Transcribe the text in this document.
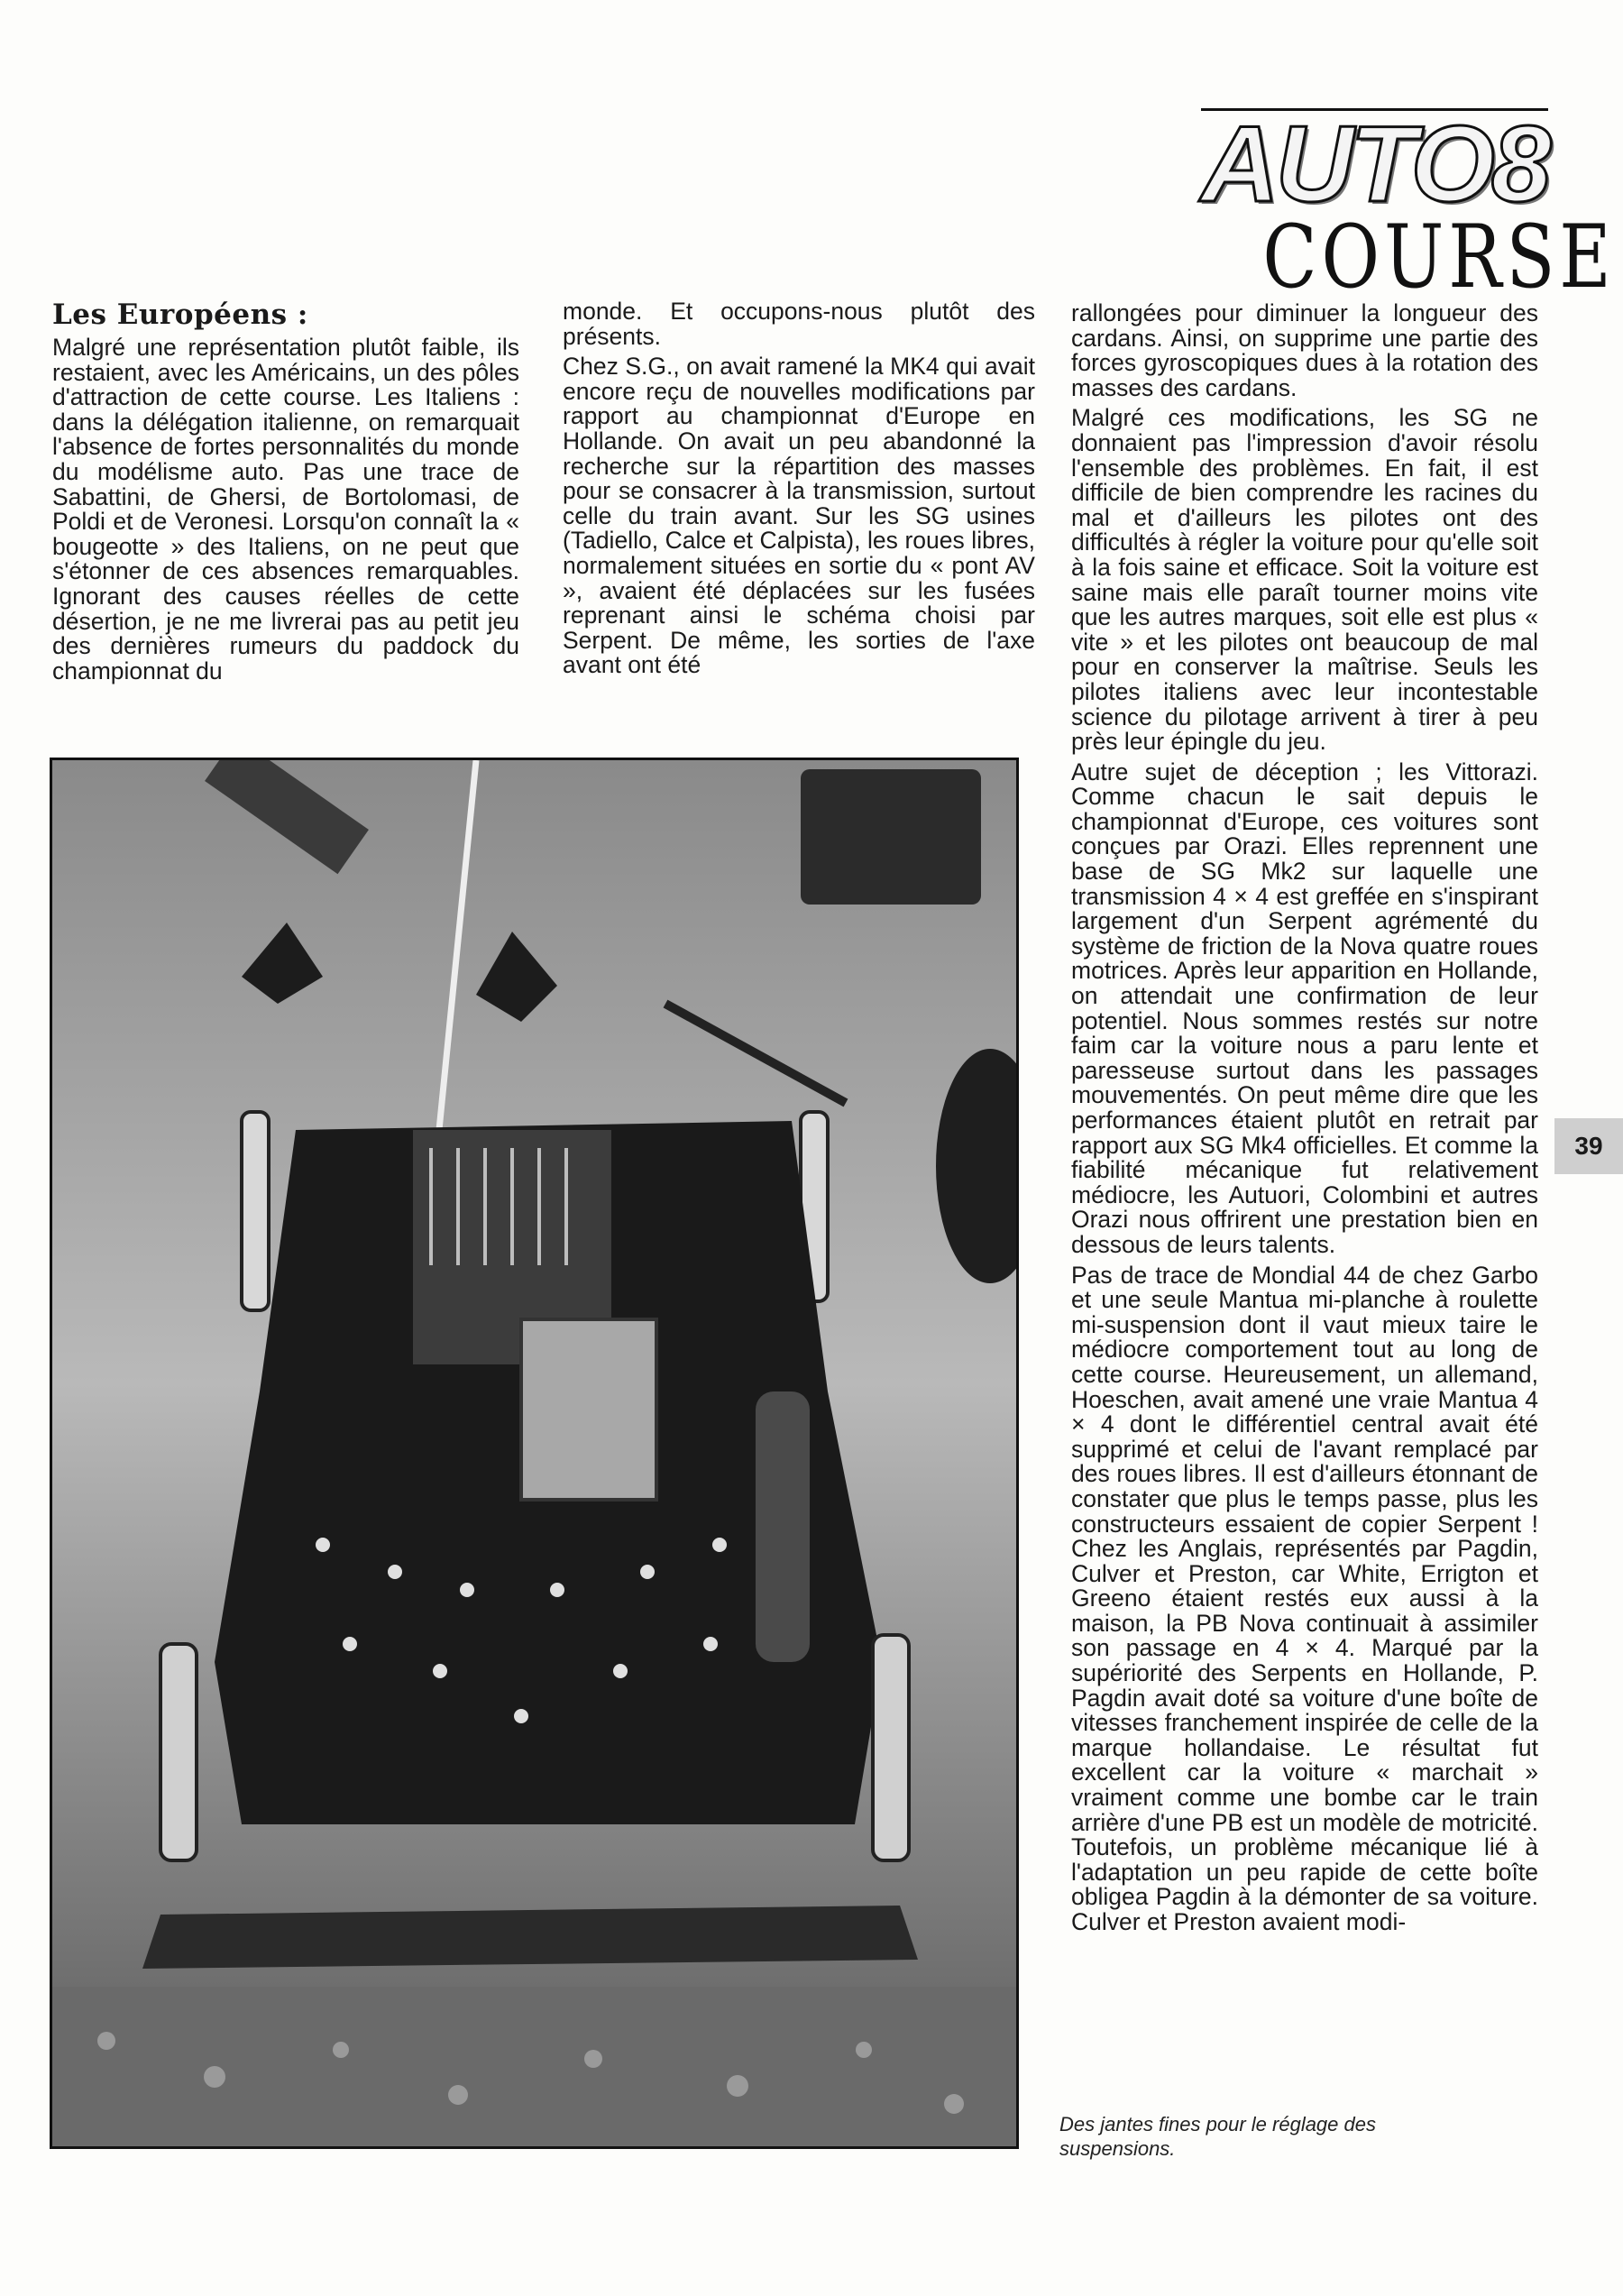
AUTO8
COURSE
Les Européens :

Malgré une représentation plutôt faible, ils restaient, avec les Américains, un des pôles d'attraction de cette course. Les Italiens : dans la délégation italienne, on remarquait l'absence de fortes personnalités du monde du modélisme auto. Pas une trace de Sabattini, de Ghersi, de Bortolomasi, de Poldi et de Veronesi. Lorsqu'on connaît la « bougeotte » des Italiens, on ne peut que s'étonner de ces absences remarquables. Ignorant des causes réelles de cette désertion, je ne me livrerai pas au petit jeu des dernières rumeurs du paddock du championnat du

monde. Et occupons-nous plutôt des présents.

Chez S.G., on avait ramené la MK4 qui avait encore reçu de nouvelles modifications par rapport au championnat d'Europe en Hollande. On avait un peu abandonné la recherche sur la répartition des masses pour se consacrer à la transmission, surtout celle du train avant. Sur les SG usines (Tadiello, Calce et Calpista), les roues libres, normalement situées en sortie du « pont AV », avaient été déplacées sur les fusées reprenant ainsi le schéma choisi par Serpent. De même, les sorties de l'axe avant ont été

rallongées pour diminuer la longueur des cardans. Ainsi, on supprime une partie des forces gyroscopiques dues à la rotation des masses des cardans.

Malgré ces modifications, les SG ne donnaient pas l'impression d'avoir résolu l'ensemble des problèmes. En fait, il est difficile de bien comprendre les racines du mal et d'ailleurs les pilotes ont des difficultés à régler la voiture pour qu'elle soit à la fois saine et efficace. Soit la voiture est saine mais elle paraît tourner moins vite que les autres marques, soit elle est plus « vite » et les pilotes ont beaucoup de mal pour en conserver la maîtrise. Seuls les pilotes italiens avec leur incontestable science du pilotage arrivent à tirer à peu près leur épingle du jeu.

Autre sujet de déception ; les Vittorazi. Comme chacun le sait depuis le championnat d'Europe, ces voitures sont conçues par Orazi. Elles reprennent une base de SG Mk2 sur laquelle une transmission 4 × 4 est greffée en s'inspirant largement d'un Serpent agrémenté du système de friction de la Nova quatre roues motrices. Après leur apparition en Hollande, on attendait une confirmation de leur potentiel. Nous sommes restés sur notre faim car la voiture nous a paru lente et paresseuse surtout dans les passages mouvementés. On peut même dire que les performances étaient plutôt en retrait par rapport aux SG Mk4 officielles. Et comme la fiabilité mécanique fut relativement médiocre, les Autuori, Colombini et autres Orazi nous offrirent une prestation bien en dessous de leurs talents.

Pas de trace de Mondial 44 de chez Garbo et une seule Mantua mi-planche à roulette mi-suspension dont il vaut mieux taire le médiocre comportement tout au long de cette course. Heureusement, un allemand, Hoeschen, avait amené une vraie Mantua 4 × 4 dont le différentiel central avait été supprimé et celui de l'avant remplacé par des roues libres. Il est d'ailleurs étonnant de constater que plus le temps passe, plus les constructeurs essaient de copier Serpent ! Chez les Anglais, représentés par Pagdin, Culver et Preston, car White, Errigton et Greeno étaient restés eux aussi à la maison, la PB Nova continuait à assimiler son passage en 4 × 4. Marqué par la supériorité des Serpents en Hollande, P. Pagdin avait doté sa voiture d'une boîte de vitesses franchement inspirée de celle de la marque hollandaise. Le résultat fut excellent car la voiture « marchait » vraiment comme une bombe car le train arrière d'une PB est un modèle de motricité. Toutefois, un problème mécanique lié à l'adaptation un peu rapide de cette boîte obligea Pagdin à la démonter de sa voiture. Culver et Preston avaient modi-

Des jantes fines pour le réglage des suspensions.
39
